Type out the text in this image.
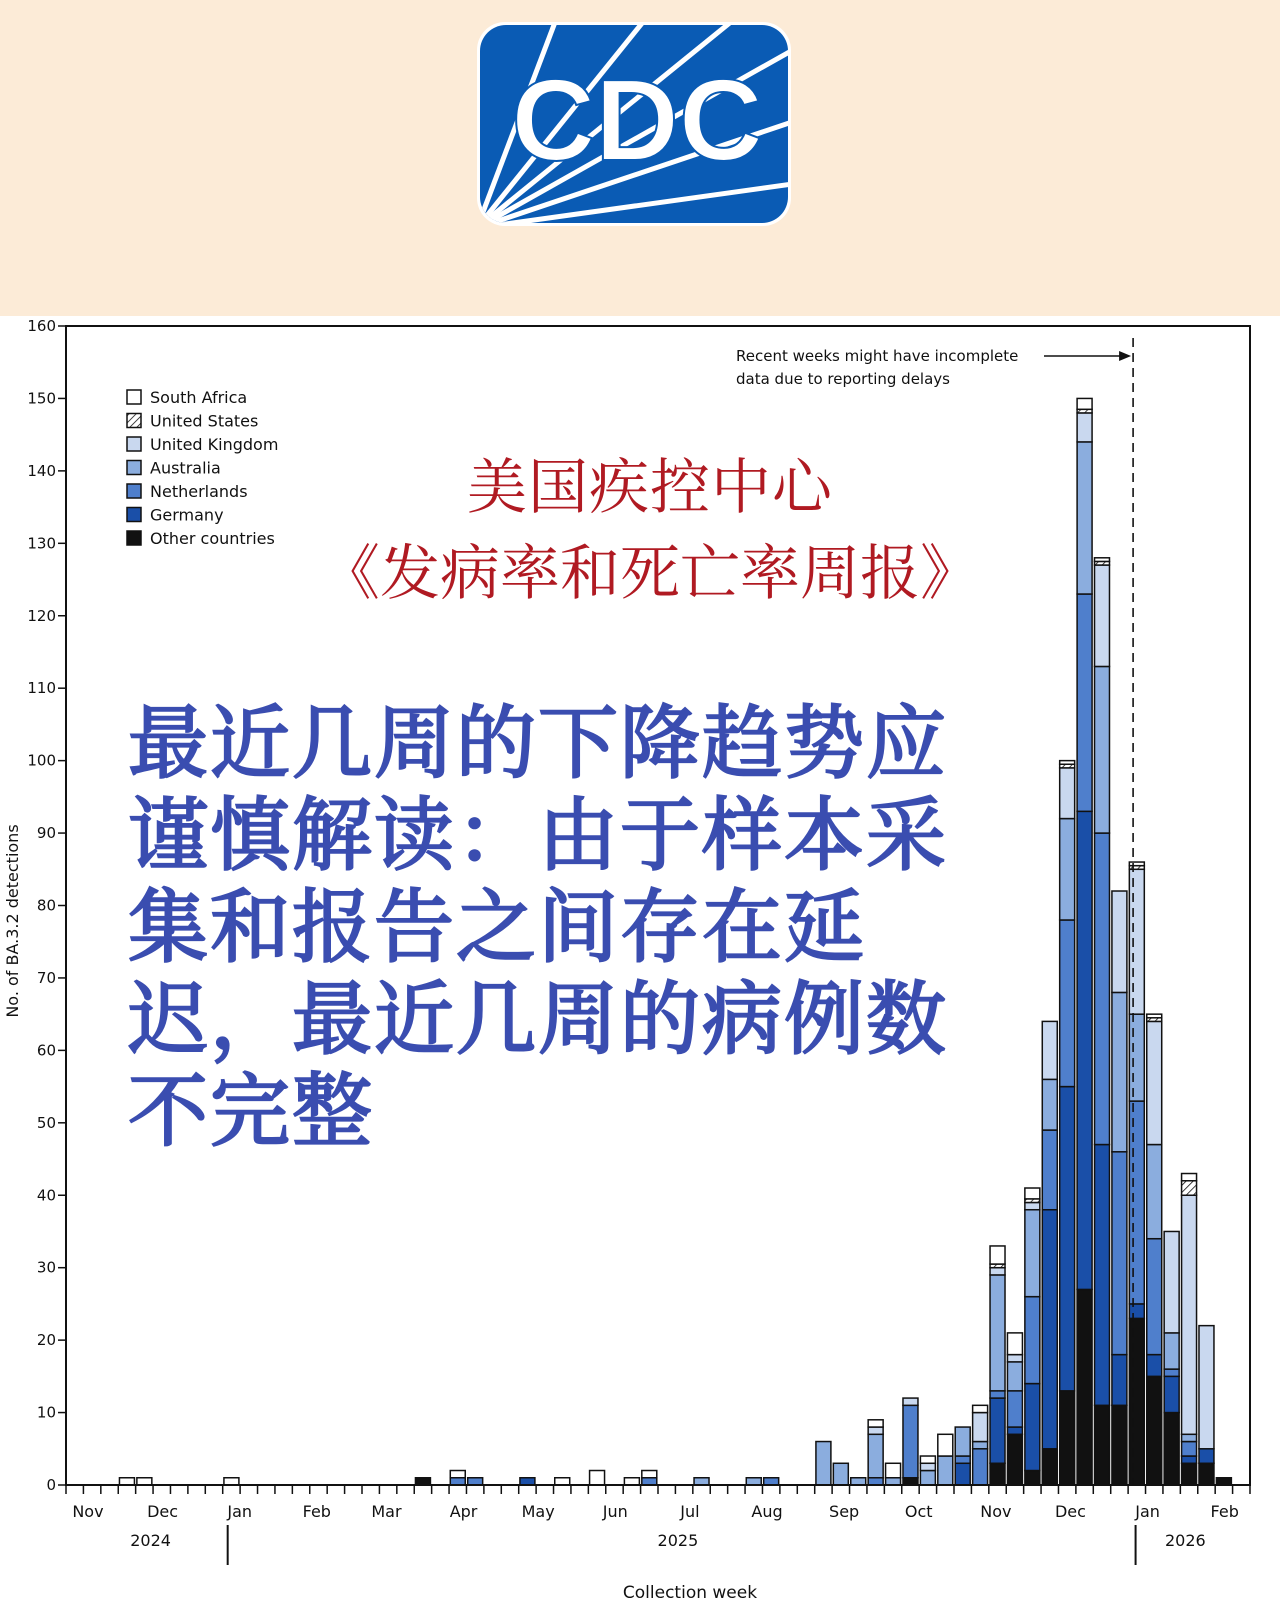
CDC
0
10
20
30
40
50
60
70
80
90
100
110
120
130
140
150
160
Nov	Dec	Jan	Feb	Mar	Apr	May	Jun	Jul	Aug	Sep	Oct	Nov	Dec	Jan	Feb
2024	2025	2026
South Africa
United States
United Kingdom
Australia
Netherlands
Germany
Other countries
Recent weeks might have incomplete
data due to reporting delays
No. of BA.3.2 detections
Collection week

美国疾控中心

《发病率和死亡率周报》

最近几周的下降趋势应谨慎解读：由于样本采集和报告之间存在延迟，最近几周的病例数不完整
